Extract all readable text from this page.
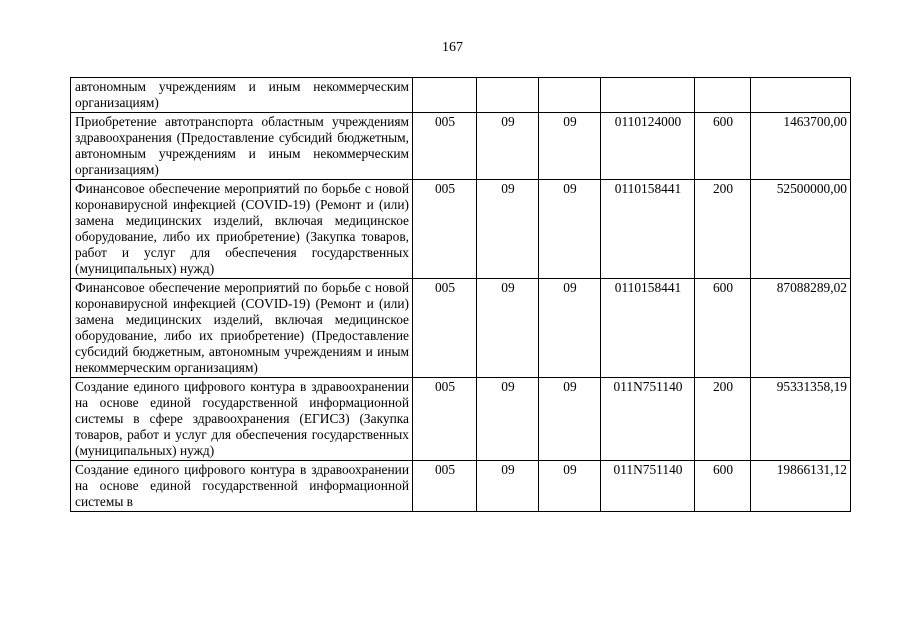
167
автономным учреждениям и иным некоммерческим организациям)						
Приобретение автотранспорта областным учреждениям здравоохранения (Предоставление субсидий бюджетным, автономным учреждениям и иным некоммерческим организациям)	005	09	09	0110124000	600	1463700,00
Финансовое обеспечение мероприятий по борьбе с новой коронавирусной инфекцией (COVID-19) (Ремонт и (или) замена медицинских изделий, включая медицинское оборудование, либо их приобретение) (Закупка товаров, работ и услуг для обеспечения государственных (муниципальных) нужд)	005	09	09	0110158441	200	52500000,00
Финансовое обеспечение мероприятий по борьбе с новой коронавирусной инфекцией (COVID-19) (Ремонт и (или) замена медицинских изделий, включая медицинское оборудование, либо их приобретение) (Предоставление субсидий бюджетным, автономным учреждениям и иным некоммерческим организациям)	005	09	09	0110158441	600	87088289,02
Создание единого цифрового контура в здравоохранении на основе единой государственной информационной системы в сфере здравоохранения (ЕГИСЗ) (Закупка товаров, работ и услуг для обеспечения государственных (муниципальных) нужд)	005	09	09	011N751140	200	95331358,19
Создание единого цифрового контура в здравоохранении на основе единой государственной информационной системы в	005	09	09	011N751140	600	19866131,12
